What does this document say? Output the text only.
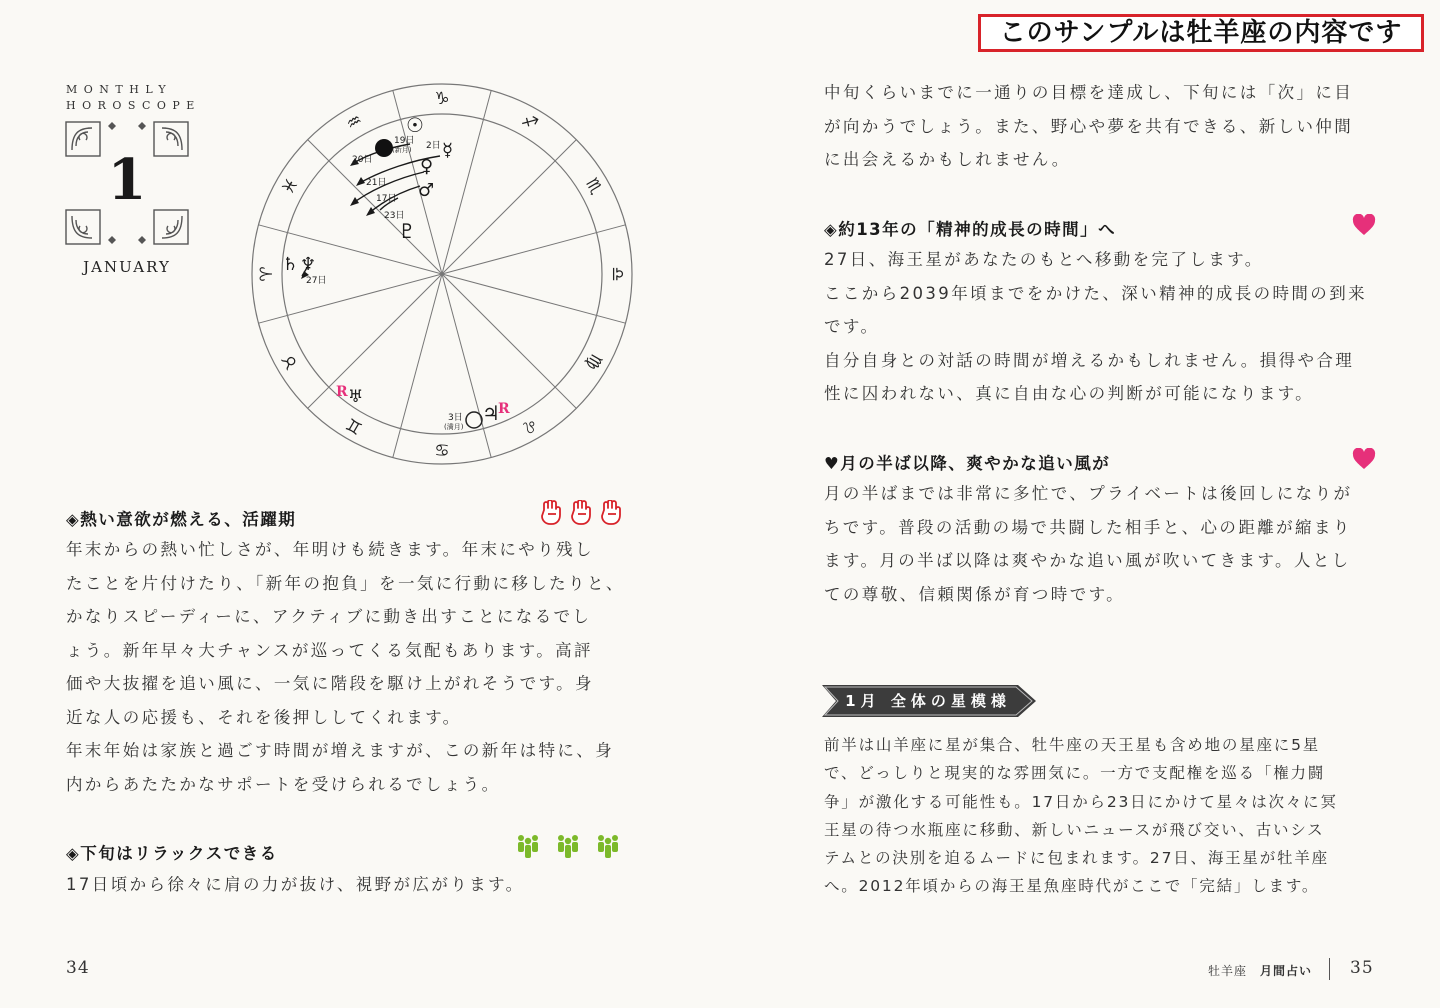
MONTHLY
HOROSCOPE
1
JANUARY
♑
♐
♏
♎
♍
♌
♋
♊
♉
♈
♓
♒
19日
(新月) 2日
20日
21日
17日
23日
27日
3日
(満月)
☉
☿
♀
♂
♇
♄ ♆
♅
♃
R
R
◈熱い意欲が燃える、活躍期
年末からの熱い忙しさが、年明けも続きます。年末にやり残し
たことを片付けたり、「新年の抱負」を一気に行動に移したりと、
かなりスピーディーに、アクティブに動き出すことになるでし
ょう。新年早々大チャンスが巡ってくる気配もあります。高評
価や大抜擢を追い風に、一気に階段を駆け上がれそうです。身
近な人の応援も、それを後押ししてくれます。
年末年始は家族と過ごす時間が増えますが、この新年は特に、身
内からあたたかなサポートを受けられるでしょう。
◈下旬はリラックスできる
17日頃から徐々に肩の力が抜け、視野が広がります。
34
このサンプルは牡羊座の内容です
中旬くらいまでに一通りの目標を達成し、下旬には「次」に目
が向かうでしょう。また、野心や夢を共有できる、新しい仲間
に出会えるかもしれません。
◈約13年の「精神的成長の時間」へ
27日、海王星があなたのもとへ移動を完了します。
ここから2039年頃までをかけた、深い精神的成長の時間の到来
です。
自分自身との対話の時間が増えるかもしれません。損得や合理
性に囚われない、真に自由な心の判断が可能になります。
♥月の半ば以降、爽やかな追い風が
月の半ばまでは非常に多忙で、プライベートは後回しになりが
ちです。普段の活動の場で共闘した相手と、心の距離が縮まり
ます。月の半ば以降は爽やかな追い風が吹いてきます。人とし
ての尊敬、信頼関係が育つ時です。
1月 全体の星模様
前半は山羊座に星が集合、牡牛座の天王星も含め地の星座に5星
で、どっしりと現実的な雰囲気に。一方で支配権を巡る「権力闘
争」が激化する可能性も。17日から23日にかけて星々は次々に冥
王星の待つ水瓶座に移動、新しいニュースが飛び交い、古いシス
テムとの決別を迫るムードに包まれます。27日、海王星が牡羊座
へ。2012年頃からの海王星魚座時代がここで「完結」します。
牡羊座 月間占い 35
